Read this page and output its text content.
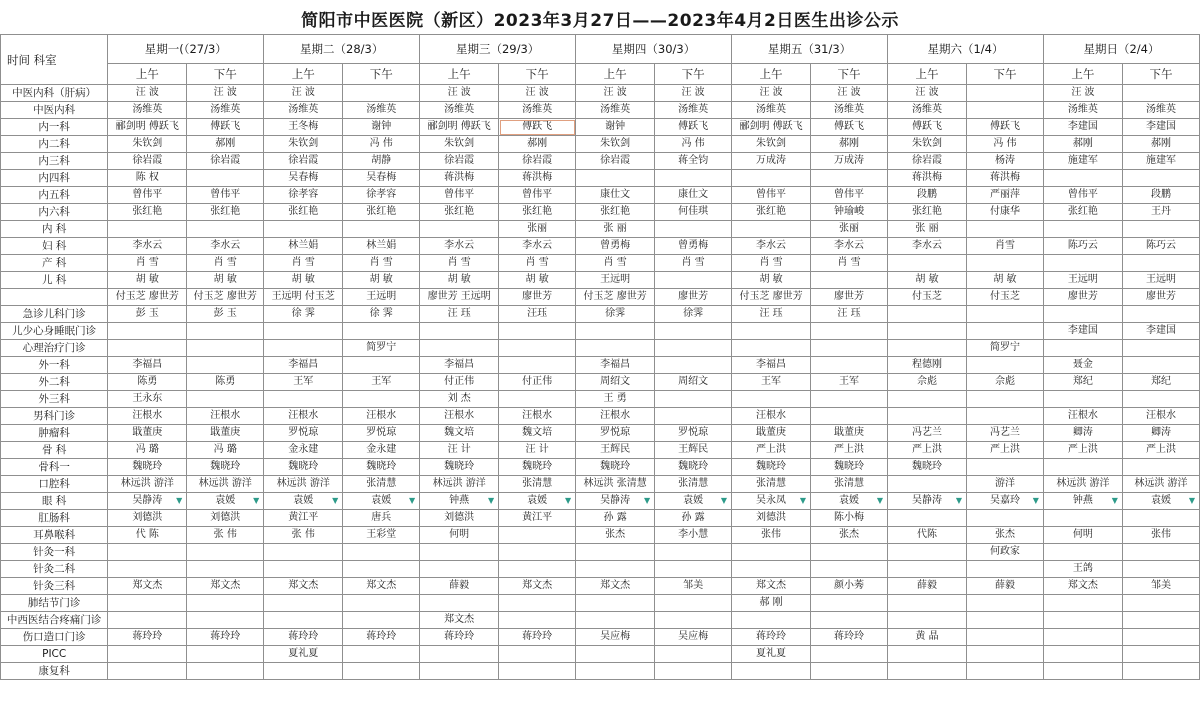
简阳市中医医院（新区）2023年3月27日——2023年4月2日医生出诊公示
时间 科室	星期一(（27/3）		星期二（28/3）		星期三（29/3）		星期四（30/3）		星期五（31/3）		星期六（1/4）		星期日（2/4）	
	上午	下午	上午	下午	上午	下午	上午	下午	上午	下午	上午	下午	上午	下午
中医内科（肝病）	汪 波	汪 波	汪 波		汪 波	汪 波	汪 波	汪 波	汪 波	汪 波	汪 波		汪 波	
中医内科	汤维英	汤维英	汤维英	汤维英	汤维英	汤维英	汤维英	汤维英	汤维英	汤维英	汤维英		汤维英	汤维英
内一科	郦剑明 傅跃飞	傅跃飞	王冬梅	谢钟	郦剑明 傅跃飞	傅跃飞	谢钟	傅跃飞	郦剑明 傅跃飞	傅跃飞	傅跃飞	傅跃飞	李建国	李建国
内二科	朱钦剑	郝刚	朱钦剑	冯 伟	朱钦剑	郝刚	朱钦剑	冯 伟	朱钦剑	郝刚	朱钦剑	冯 伟	郝刚	郝刚
内三科	徐岩霞	徐岩霞	徐岩霞	胡静	徐岩霞	徐岩霞	徐岩霞	蒋全钧	万成涛	万成涛	徐岩霞	杨涛	施建军	施建军
内四科	陈 权		吴春梅	吴春梅	蒋洪梅	蒋洪梅					蒋洪梅	蒋洪梅		
内五科	曾伟平	曾伟平	徐孝容	徐孝容	曾伟平	曾伟平	康仕文	康仕文	曾伟平	曾伟平	段鹏	严丽萍	曾伟平	段鹏
内六科	张红艳	张红艳	张红艳	张红艳	张红艳	张红艳	张红艳	何佳琪	张红艳	钟瑜峻	张红艳	付康华	张红艳	王丹
内 科						张丽	张 丽			张丽	张 丽			
妇 科	李水云	李水云	林兰娟	林兰娟	李水云	李水云	曾勇梅	曾勇梅	李水云	李水云	李水云	肖雪	陈巧云	陈巧云
产 科	肖 雪	肖 雪	肖 雪	肖 雪	肖 雪	肖 雪	肖 雪	肖 雪	肖 雪	肖 雪				
儿 科	胡 敏	胡 敏	胡 敏	胡 敏	胡 敏	胡 敏	王远明		胡 敏		胡 敏	胡 敏	王远明	王远明
	付玉芝 廖世芳	付玉芝 廖世芳	王远明 付玉芝	王远明	廖世芳 王远明	廖世芳	付玉芝 廖世芳	廖世芳	付玉芝 廖世芳	廖世芳	付玉芝	付玉芝	廖世芳	廖世芳
急诊儿科门诊	彭 玉	彭 玉	徐 霁	徐 霁	汪 珏	汪珏	徐霁	徐霁	汪 珏	汪 珏				
儿少心身睡眠门诊													李建国	李建国
心理治疗门诊				简罗宁								简罗宁		
外一科	李福昌		李福昌		李福昌		李福昌		李福昌		程德刚		聂金	
外二科	陈勇	陈勇	王军	王军	付正伟	付正伟	周绍文	周绍文	王军	王军	佘彪	佘彪	郑纪	郑纪
外三科	王永东				刘 杰		王 勇							
男科门诊	汪根水	汪根水	汪根水	汪根水	汪根水	汪根水	汪根水		汪根水				汪根水	汪根水
肿瘤科	戢董庚	戢董庚	罗悦琼	罗悦琼	魏文培	魏文培	罗悦琼	罗悦琼	戢董庚	戢董庚	冯艺兰	冯艺兰	卿涛	卿涛
骨 科	冯 璐	冯 璐	金永建	金永建	汪 计	汪 计	王辉民	王辉民	严上洪	严上洪	严上洪	严上洪	严上洪	严上洪
骨科一	魏晓玲	魏晓玲	魏晓玲	魏晓玲	魏晓玲	魏晓玲	魏晓玲	魏晓玲	魏晓玲	魏晓玲	魏晓玲			
口腔科	林远洪 游洋	林远洪 游洋	林远洪 游洋	张清慧	林远洪 游洋	张清慧	林远洪 张清慧	张清慧	张清慧	张清慧		游洋	林远洪 游洋	林远洪 游洋
眼 科	吴静涛 ▼	袁媛 ▼	袁媛 ▼	袁媛 ▼	钟燕 ▼	袁媛 ▼	吴静涛 ▼	袁媛 ▼	吴永凤 ▼	袁媛 ▼	吴静涛 ▼	吴嘉玲 ▼	钟燕 ▼	袁媛 ▼

肛肠科	刘德洪	刘德洪	黄江平	唐兵	刘德洪	黄江平	孙 露	孙 露	刘德洪	陈小梅				
耳鼻喉科	代 陈	张 伟	张 伟	王彩堂	何明		张杰	李小慧	张伟	张杰	代陈	张杰	何明	张伟
针灸一科												何政家		
针灸二科													王鸽	
针灸三科	郑文杰	郑文杰	郑文杰	郑文杰	薛毅	郑文杰	郑文杰	邹美	郑文杰	颜小莠	薛毅	薛毅	郑文杰	邹美
肺结节门诊									郝 刚					
中西医结合疼痛门诊					郑文杰									
伤口造口门诊	蒋玲玲	蒋玲玲	蒋玲玲	蒋玲玲	蒋玲玲	蒋玲玲	吴应梅	吴应梅	蒋玲玲	蒋玲玲	黄 晶			
PICC			夏礼夏						夏礼夏					
康复科														
